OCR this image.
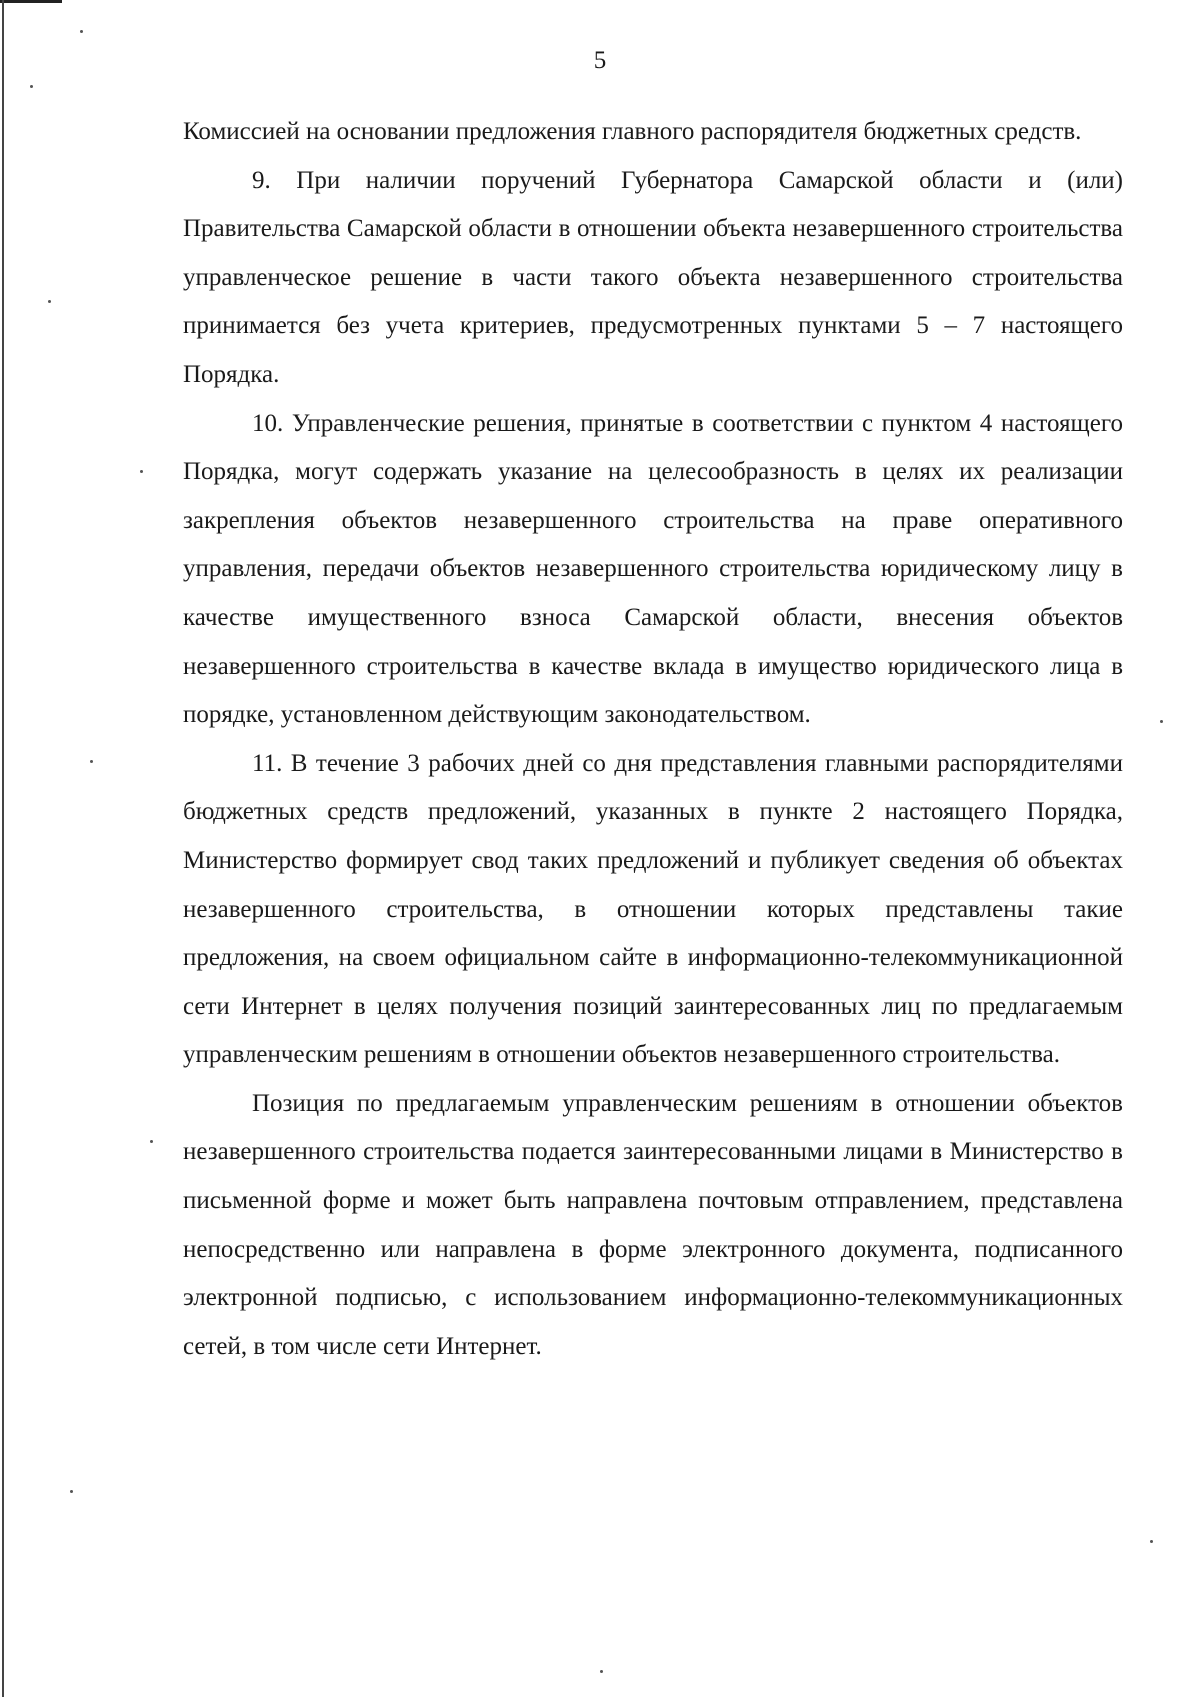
5

Комиссией на основании предложения главного распорядителя бюджетных средств.

9. При наличии поручений Губернатора Самарской области и (или) Правительства Самарской области в отношении объекта незавершенного строительства управленческое решение в части такого объекта незавершенного строительства принимается без учета критериев, предусмотренных пунктами 5 – 7 настоящего Порядка.

10. Управленческие решения, принятые в соответствии с пунктом 4 настоящего Порядка, могут содержать указание на целесообразность в целях их реализации закрепления объектов незавершенного строительства на праве оперативного управления, передачи объектов незавершенного строительства юридическому лицу в качестве имущественного взноса Самарской области, внесения объектов незавершенного строительства в качестве вклада в имущество юридического лица в порядке, установленном действующим законодательством.

11. В течение 3 рабочих дней со дня представления главными распорядителями бюджетных средств предложений, указанных в пункте 2 настоящего Порядка, Министерство формирует свод таких предложений и публикует сведения об объектах незавершенного строительства, в отношении которых представлены такие предложения, на своем официальном сайте в информационно-телекоммуникационной сети Интернет в целях получения позиций заинтересованных лиц по предлагаемым управленческим решениям в отношении объектов незавершенного строительства.

Позиция по предлагаемым управленческим решениям в отношении объектов незавершенного строительства подается заинтересованными лицами в Министерство в письменной форме и может быть направлена почтовым отправлением, представлена непосредственно или направлена в форме электронного документа, подписанного электронной подписью, с использованием информационно-телекоммуникационных сетей, в том числе сети Интернет.
